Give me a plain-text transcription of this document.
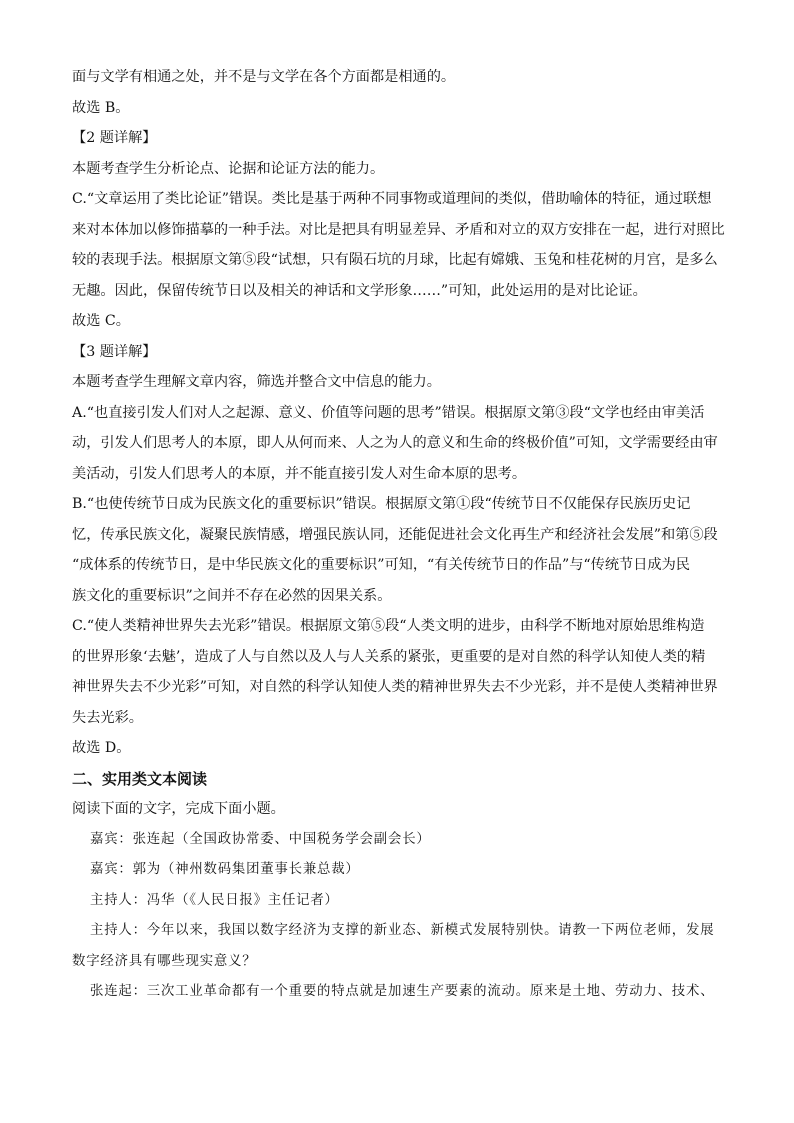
面与文学有相通之处，并不是与文学在各个方面都是相通的。

故选 B。

【2 题详解】

本题考查学生分析论点、论据和论证方法的能力。

C.“文章运用了类比论证”错误。类比是基于两种不同事物或道理间的类似，借助喻体的特征，通过联想

来对本体加以修饰描摹的一种手法。对比是把具有明显差异、矛盾和对立的双方安排在一起，进行对照比

较的表现手法。根据原文第⑤段“试想，只有陨石坑的月球，比起有嫦娥、玉兔和桂花树的月宫，是多么

无趣。因此，保留传统节日以及相关的神话和文学形象……”可知，此处运用的是对比论证。

故选 C。

【3 题详解】

本题考查学生理解文章内容，筛选并整合文中信息的能力。

A.“也直接引发人们对人之起源、意义、价值等问题的思考”错误。根据原文第③段“文学也经由审美活

动，引发人们思考人的本原，即人从何而来、人之为人的意义和生命的终极价值”可知，文学需要经由审

美活动，引发人们思考人的本原，并不能直接引发人对生命本原的思考。

B.“也使传统节日成为民族文化的重要标识”错误。根据原文第①段“传统节日不仅能保存民族历史记

忆，传承民族文化，凝聚民族情感，增强民族认同，还能促进社会文化再生产和经济社会发展”和第⑤段

“成体系的传统节日，是中华民族文化的重要标识”可知，“有关传统节日的作品”与“传统节日成为民

族文化的重要标识”之间并不存在必然的因果关系。

C.“使人类精神世界失去光彩”错误。根据原文第⑤段“人类文明的进步，由科学不断地对原始思维构造

的世界形象‘去魅’，造成了人与自然以及人与人关系的紧张，更重要的是对自然的科学认知使人类的精

神世界失去不少光彩”可知，对自然的科学认知使人类的精神世界失去不少光彩，并不是使人类精神世界

失去光彩。

故选 D。

二、实用类文本阅读

阅读下面的文字，完成下面小题。

嘉宾：张连起（全国政协常委、中国税务学会副会长）

嘉宾：郭为（神州数码集团董事长兼总裁）

主持人：冯华（《人民日报》主任记者）

主持人：今年以来，我国以数字经济为支撑的新业态、新模式发展特别快。请教一下两位老师，发展

数字经济具有哪些现实意义？

张连起：三次工业革命都有一个重要的特点就是加速生产要素的流动。原来是土地、劳动力、技术、
